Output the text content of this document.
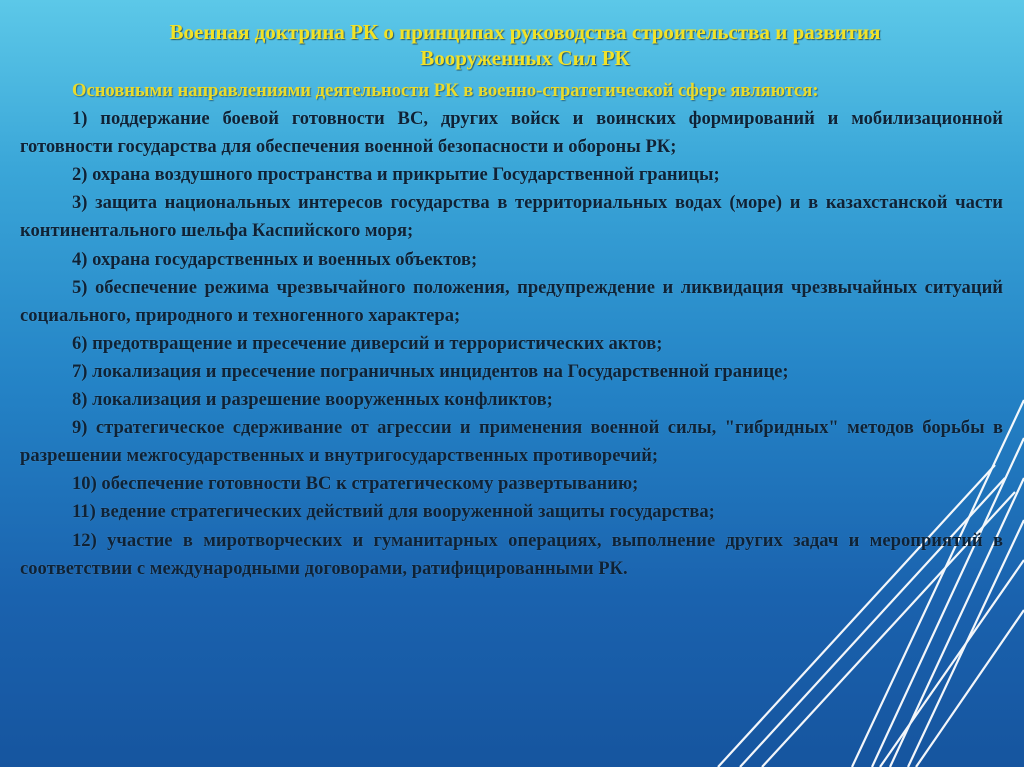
Военная доктрина РК о принципах руководства строительства и развития
Вооруженных Сил РК

Основными направлениями деятельности РК в военно-стратегической сфере являются:

1) поддержание боевой готовности ВС, других войск и воинских формирований и мобилизационной готовности государства для обеспечения военной безопасности и обороны РК;

2) охрана воздушного пространства и прикрытие Государственной границы;

3) защита национальных интересов государства в территориальных водах (море) и в казахстанской части континентального шельфа Каспийского моря;

4) охрана государственных и военных объектов;

5) обеспечение режима чрезвычайного положения, предупреждение и ликвидация чрезвычайных ситуаций социального, природного и техногенного характера;

6) предотвращение и пресечение диверсий и террористических актов;

7) локализация и пресечение пограничных инцидентов на Государственной границе;

8) локализация и разрешение вооруженных конфликтов;

9) стратегическое сдерживание от агрессии и применения военной силы, "гибридных" методов борьбы в разрешении межгосударственных и внутригосударственных противоречий;

10) обеспечение готовности ВС к стратегическому развертыванию;

11) ведение стратегических действий для вооруженной защиты государства;

12) участие в миротворческих и гуманитарных операциях, выполнение других задач и мероприятий в соответствии с международными договорами, ратифицированными РК.
